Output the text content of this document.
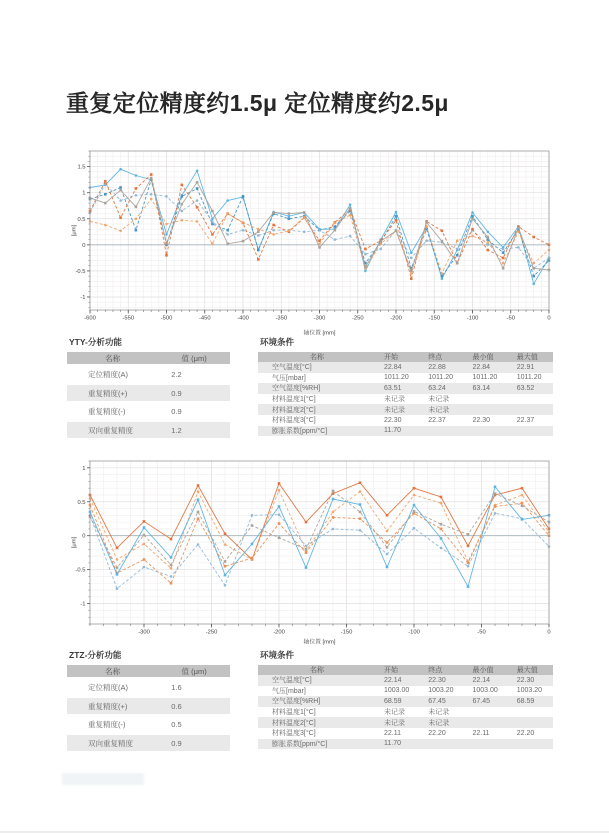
重复定位精度约1.5μ 定位精度约2.5μ
-600	-550	-500	-450	-400	-350	-300	-250	-200	-150	-100	-50	0
-1
-0.5
0
0.5
1
1.5
轴位置 [mm]
[μm]
YTY-分析功能
名称	值 (μm)
定位精度(A)	2.2
重复精度(+)	0.9
重复精度(-)	0.9
双向重复精度	1.2
环境条件
名称	开始	终点	最小值	最大值
空气温度[°C]	22.84	22.88	22.84	22.91
气压[mbar]	1011.20	1011.20	1011.20	1011.20
空气湿度[%RH]	63.51	63.24	63.14	63.52
材料温度1[°C]	未记录	未记录
材料温度2[°C]	未记录	未记录
材料温度3[°C]	22.30	22.37	22.30	22.37
膨胀系数[ppm/°C]	11.70
-300	-250	-200	-150	-100	-50	0
-1
-0.5
0
0.5
1
轴位置 [mm]
[μm]
ZTZ-分析功能
名称	值 (μm)
定位精度(A)	1.6
重复精度(+)	0.6
重复精度(-)	0.5
双向重复精度	0.9
环境条件
名称	开始	终点	最小值	最大值
空气温度[°C]	22.14	22.30	22.14	22.30
气压[mbar]	1003.00	1003.20	1003.00	1003.20
空气湿度[%RH]	68.59	67.45	67.45	68.59
材料温度1[°C]	未记录	未记录
材料温度2[°C]	未记录	未记录
材料温度3[°C]	22.11	22.20	22.11	22.20
膨胀系数[ppm/°C]	11.70
